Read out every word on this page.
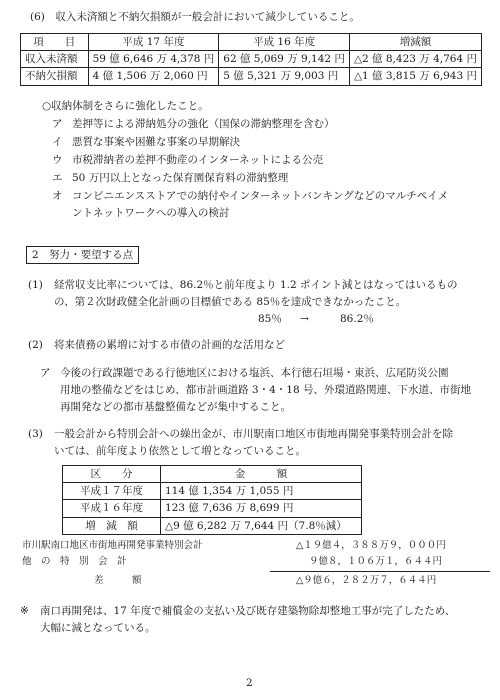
(6)　収入未済額と不納欠損額が一般会計において減少していること。
項　　目	平成 17 年度	平成 16 年度	増減額
収入未済額	59 億 6,646 万 4,378 円	62 億 5,069 万 9,142 円	△2 億 8,423 万 4,764 円
不納欠損額	4 億 1,506 万 2,060 円	5 億 5,321 万 9,003 円	△1 億 3,815 万 6,943 円
○収納体制をさらに強化したこと。
ア 差押等による滞納処分の強化（国保の滞納整理を含む）
イ 悪質な事案や困難な事案の早期解決
ウ 市税滞納者の差押不動産のインターネットによる公売
エ 50 万円以上となった保育園保育料の滞納整理
オ コンビニエンスストアでの納付やインターネットバンキングなどのマルチペイメ
ントネットワークへの導入の検討
2　努力・要望する点
(1) 経常収支比率については、86.2％と前年度より 1.2 ポイント減とはなってはいるもの
の、第２次財政健全化計画の目標値である 85％を達成できなかったこと。
85％ →	86.2％
(2) 将来債務の累増に対する市債の計画的な活用など
ア 今後の行政課題である行徳地区における塩浜、本行徳石垣場・東浜、広尾防災公園
用地の整備などをはじめ、都市計画道路 3・4・18 号、外環道路関連、下水道、市街地
再開発などの都市基盤整備などが集中すること。
(3) 一般会計から特別会計への繰出金が、市川駅南口地区市街地再開発事業特別会計を除
いては、前年度より依然として増となっていること。
区　　分	金　　　額
平成１７年度	114 億 1,354 万 1,055 円
平成１６年度	123 億 7,636 万 8,699 円
増　減　額	△9 億 6,282 万 7,644 円（7.8％減）
市川駅南口地区市街地再開発事業特別会計	△１９億４，３８８万９，０００円
他　の　特　別　会　計	９億８，１０６万１，６４４円
差　　　額	△９億６，２８２万７，６４４円
※ 南口再開発は、17 年度で補償金の支払い及び既存建築物除却整地工事が完了したため、
大幅に減となっている。
2
